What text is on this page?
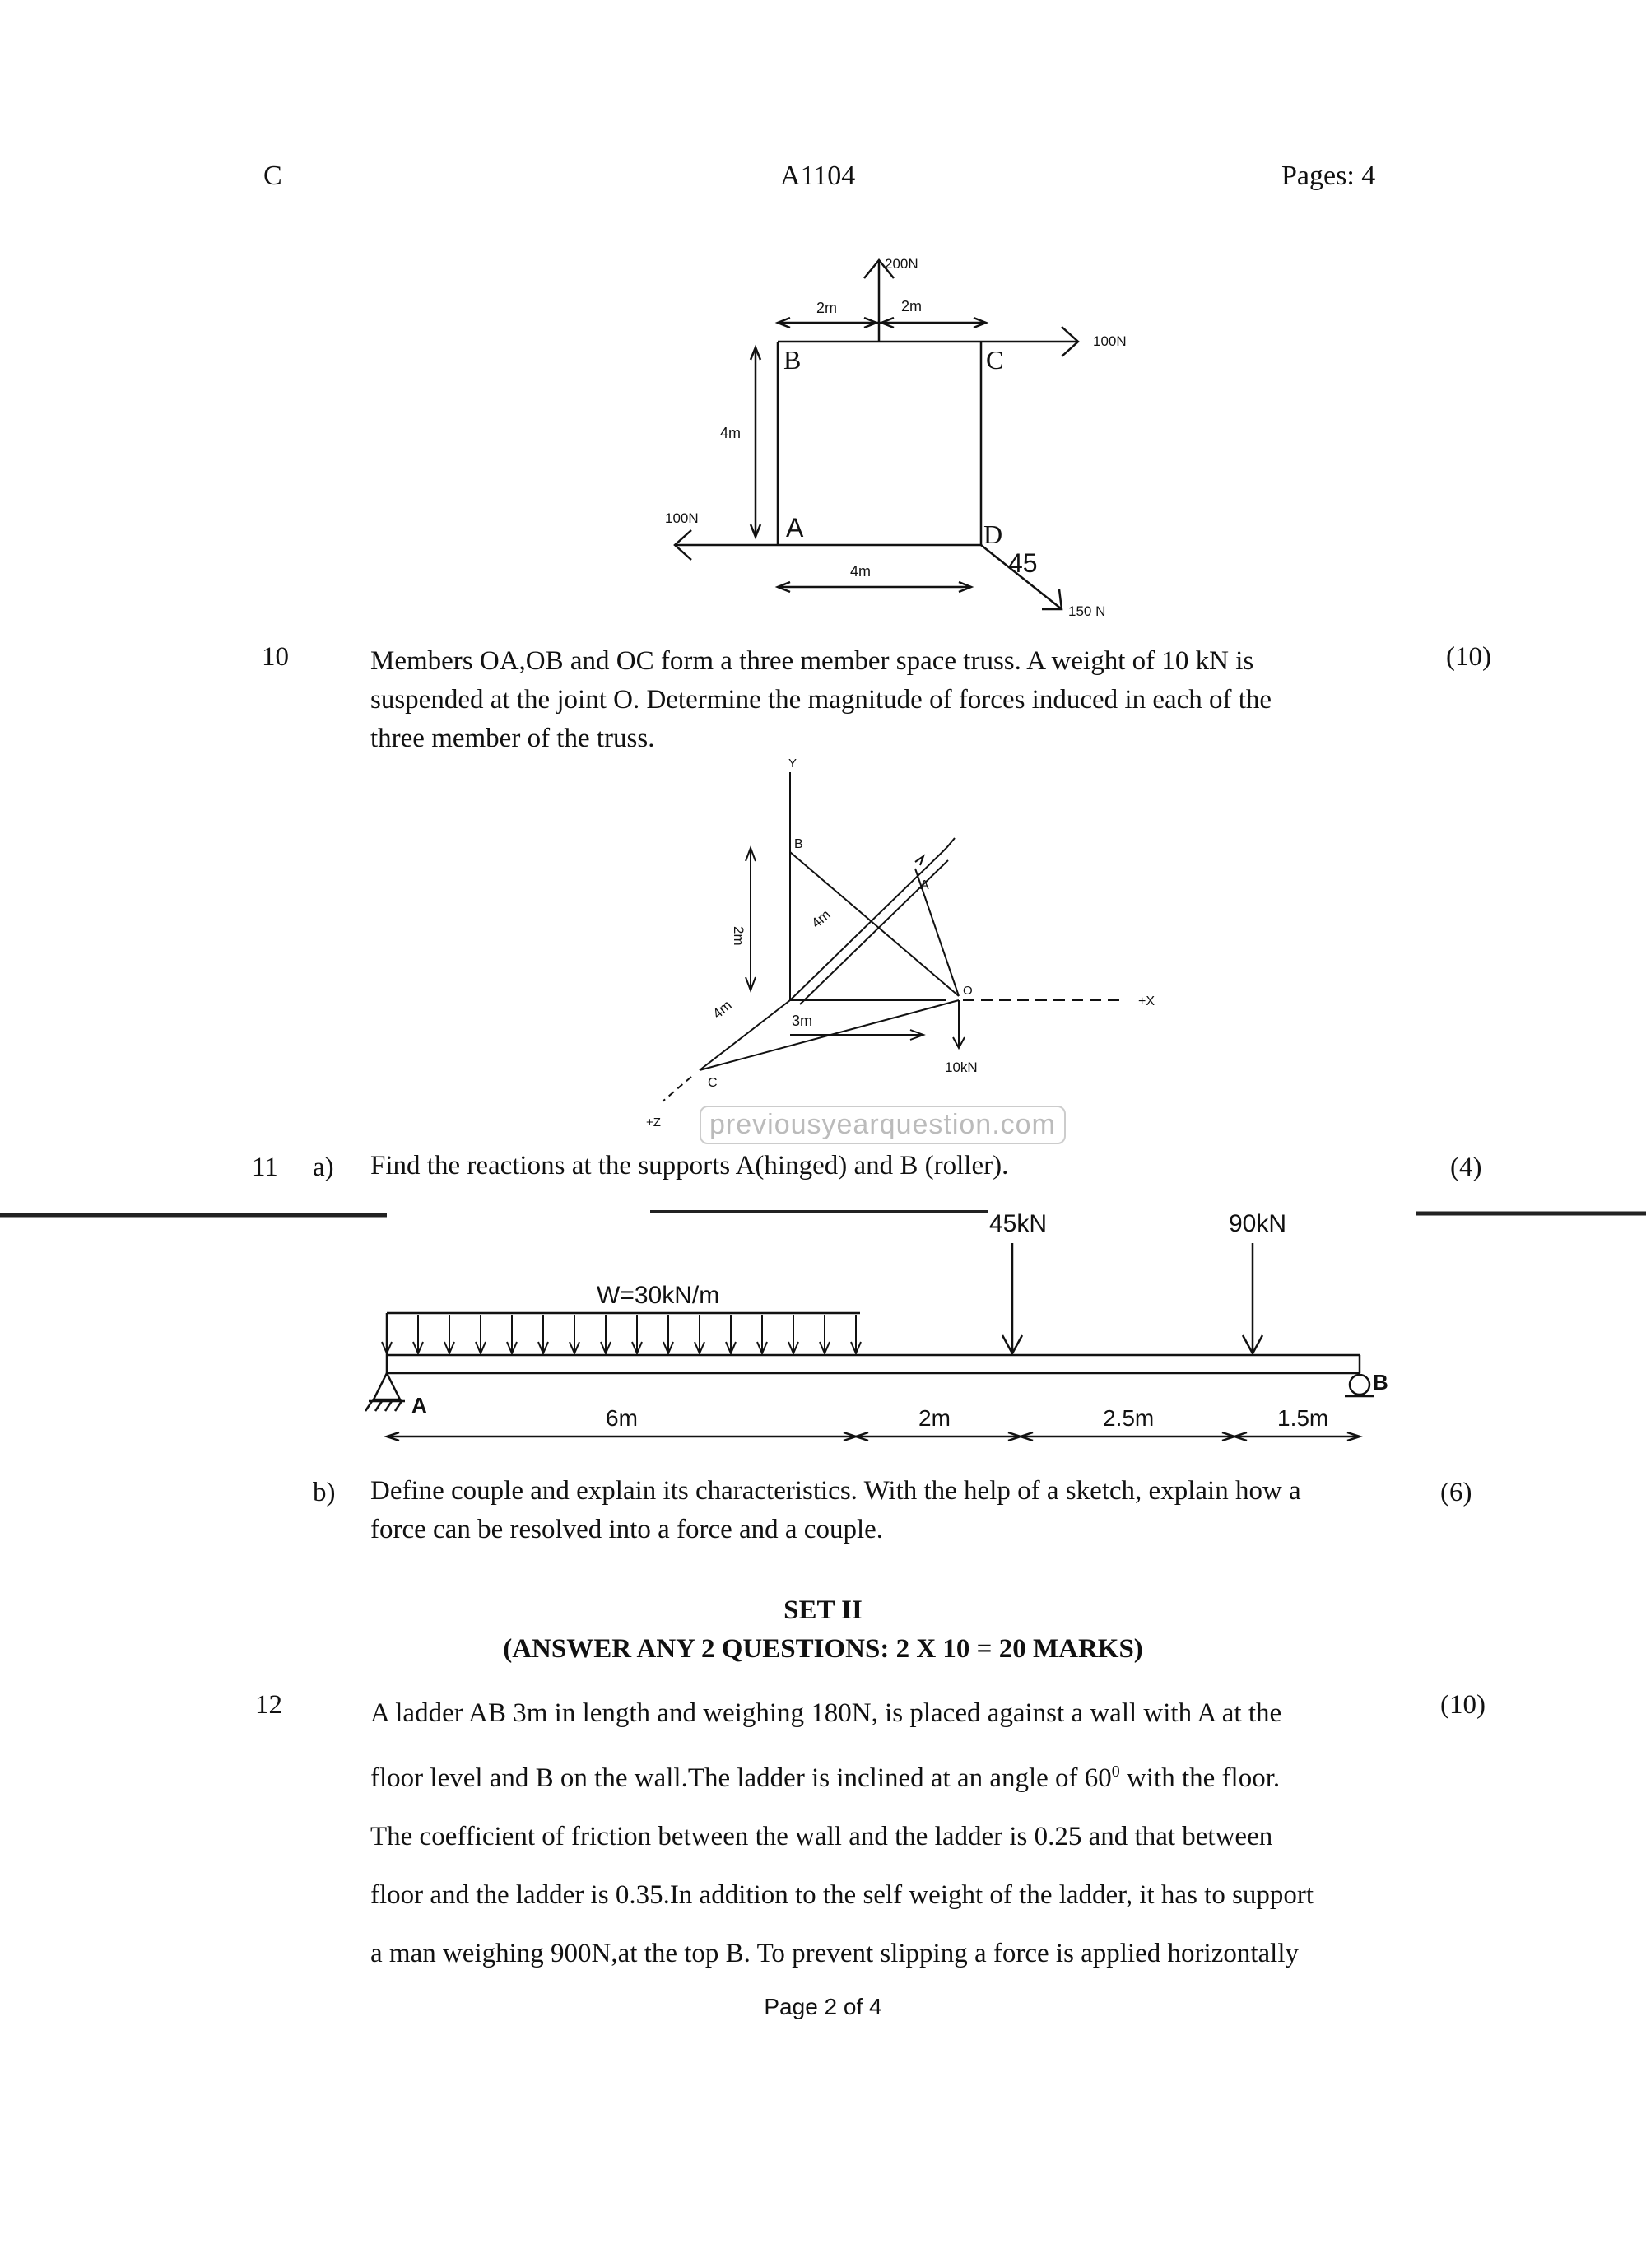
C	A1104	Pages: 4
200N
2m	2m
100N
B	C
4m
100N	A	D
45
4m
150 N
10	Members OA,OB and OC form a three member space truss. A weight of 10 kN is
suspended at the joint O. Determine the magnitude of forces induced in each of the
three member of the truss.
(10)
Y
+X
+Z
B
A
O
C
2m
4m
4m	3m
10kN
previousyearquestion.com
11 a) Find the reactions at the supports A(hinged) and B (roller).	(4)
W=30kN/m
45kN	90kN
A
B
6m	2m	2.5m	1.5m
b) Define couple and explain its characteristics. With the help of a sketch, explain how a
force can be resolved into a force and a couple.
(6)
SET II
(ANSWER ANY 2 QUESTIONS: 2 X 10 = 20 MARKS)
12	A ladder AB 3m in length and weighing 180N, is placed against a wall with A at the
floor level and B on the wall.The ladder is inclined at an angle of $60^0$ with the floor.
The coefficient of friction between the wall and the ladder is 0.25 and that between
floor and the ladder is 0.35.In addition to the self weight of the ladder, it has to support
a man weighing 900N,at the top B. To prevent slipping a force is applied horizontally
(10)
Page 2 of 4
